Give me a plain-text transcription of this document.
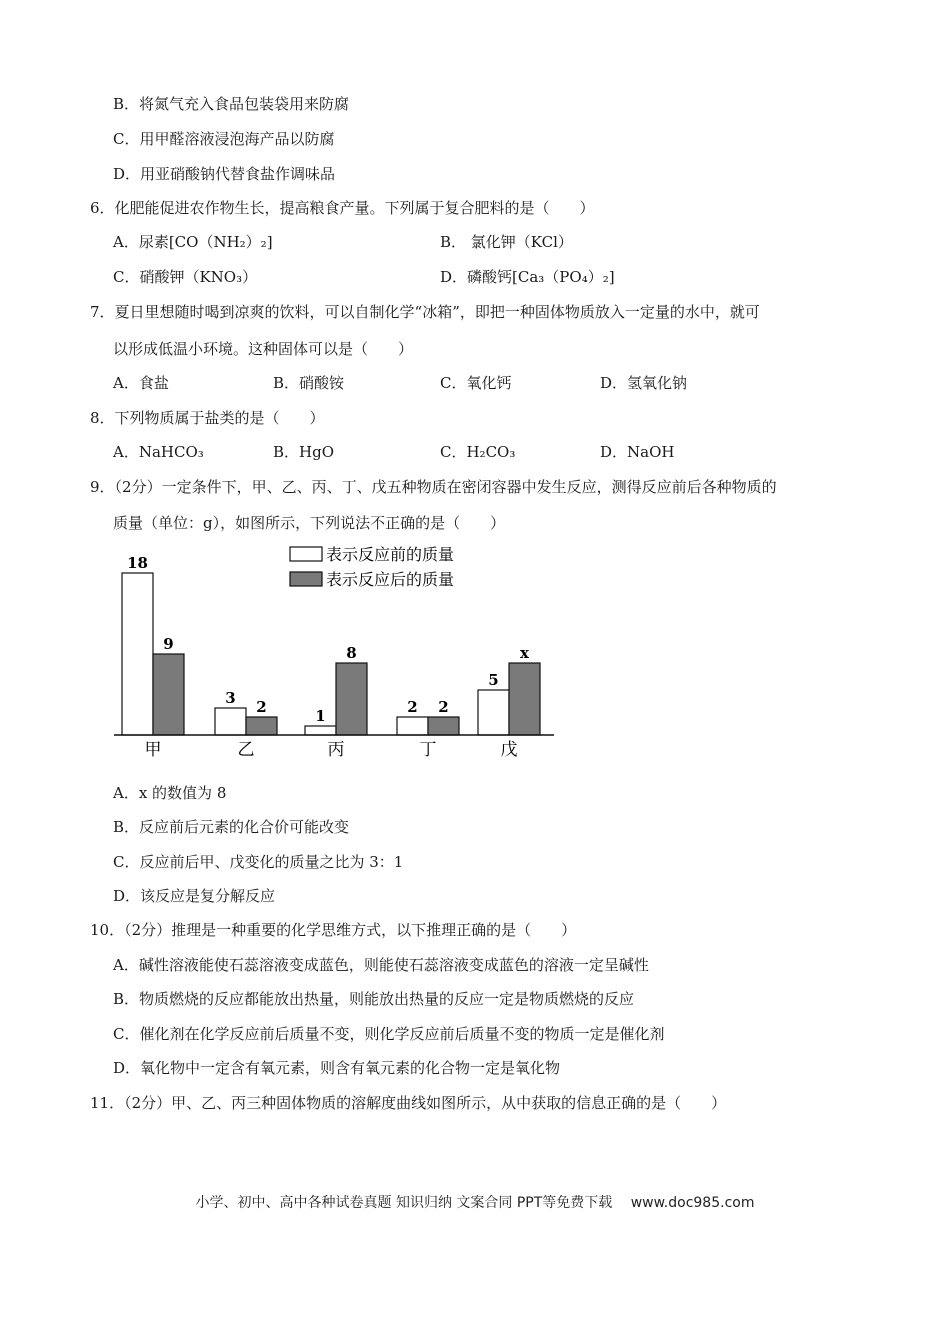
B．将氮气充入食品包装袋用来防腐
C．用甲醛溶液浸泡海产品以防腐
D．用亚硝酸钠代替食盐作调味品
6．化肥能促进农作物生长，提高粮食产量。下列属于复合肥料的是（　　）
A．尿素[CO（NH₂）₂]	B． 氯化钾（KCl）
C．硝酸钾（KNO₃）	D．磷酸钙[Ca₃（PO₄）₂]
7．夏日里想随时喝到凉爽的饮料，可以自制化学“冰箱”，即把一种固体物质放入一定量的水中，就可
以形成低温小环境。这种固体可以是（　　）
A．食盐	B．硝酸铵	C．氧化钙	D．氢氧化钠
8．下列物质属于盐类的是（　　）
A．NaHCO₃	B．HgO	C．H₂CO₃	D．NaOH
9．（2分）一定条件下，甲、乙、丙、丁、戊五种物质在密闭容器中发生反应，测得反应前后各种物质的
质量（单位：g），如图所示，下列说法不正确的是（　　）
表示反应前的质量
表示反应后的质量
18
9
3 2	1
8
2 2
5
x
甲	乙	丙	丁	戊
A．x 的数值为 8
B．反应前后元素的化合价可能改变
C．反应前后甲、戊变化的质量之比为 3：1
D．该反应是复分解反应
10．（2分）推理是一种重要的化学思维方式，以下推理正确的是（　　）
A．碱性溶液能使石蕊溶液变成蓝色，则能使石蕊溶液变成蓝色的溶液一定呈碱性
B．物质燃烧的反应都能放出热量，则能放出热量的反应一定是物质燃烧的反应
C．催化剂在化学反应前后质量不变，则化学反应前后质量不变的物质一定是催化剂
D．氧化物中一定含有氧元素，则含有氧元素的化合物一定是氧化物
11．（2分）甲、乙、丙三种固体物质的溶解度曲线如图所示，从中获取的信息正确的是（　　）
小学、初中、高中各种试卷真题 知识归纳 文案合同 PPT等免费下载　 www.doc985.com
